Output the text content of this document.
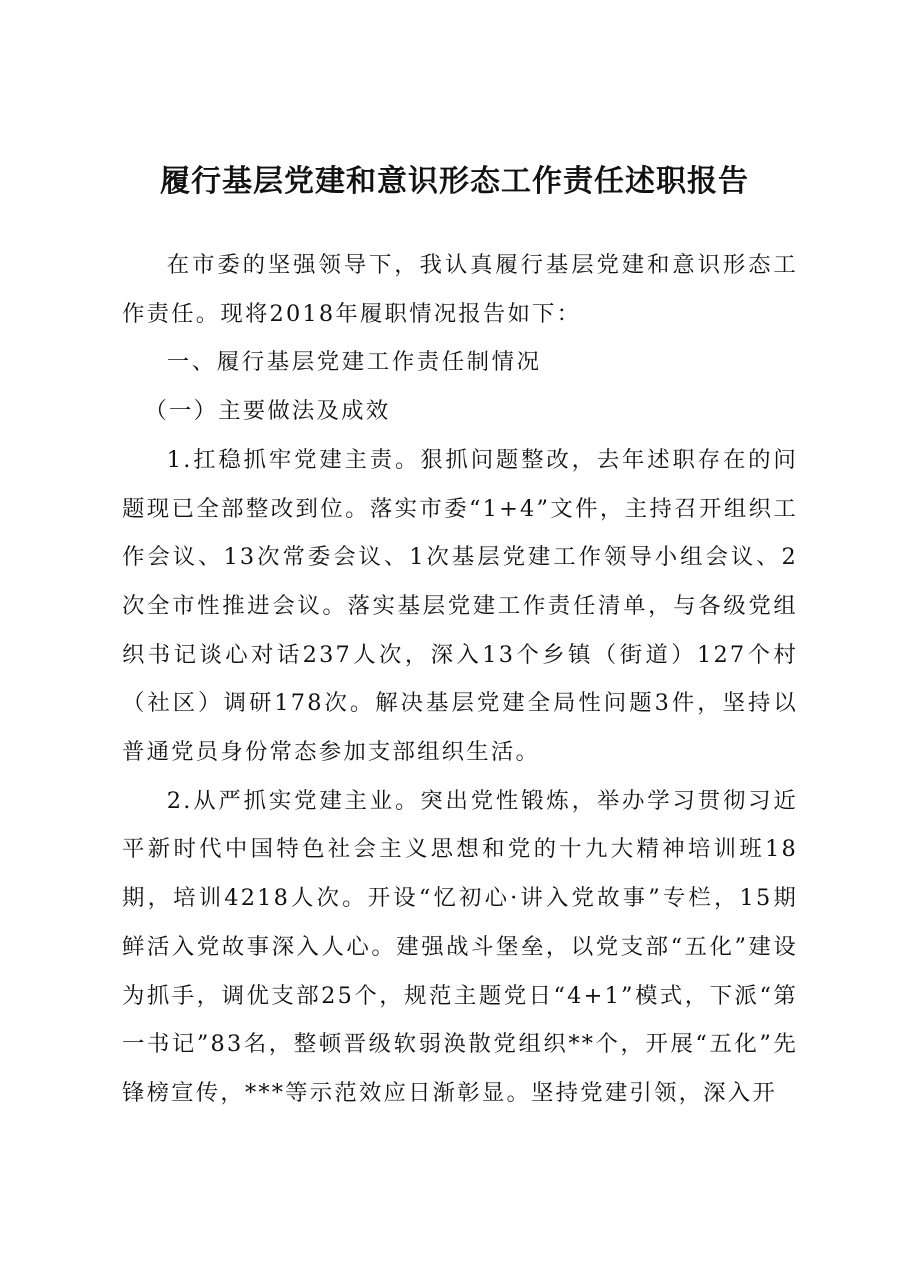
履行基层党建和意识形态工作责任述职报告

在市委的坚强领导下，我认真履行基层党建和意识形态工作责任。现将2018年履职情况报告如下：

一、履行基层党建工作责任制情况

（一）主要做法及成效

1.扛稳抓牢党建主责。狠抓问题整改，去年述职存在的问题现已全部整改到位。落实市委“1+4”文件，主持召开组织工作会议、13次常委会议、1次基层党建工作领导小组会议、2次全市性推进会议。落实基层党建工作责任清单，与各级党组织书记谈心对话237人次，深入13个乡镇（街道）127个村（社区）调研178次。解决基层党建全局性问题3件，坚持以普通党员身份常态参加支部组织生活。

2.从严抓实党建主业。突出党性锻炼，举办学习贯彻习近平新时代中国特色社会主义思想和党的十九大精神培训班18期，培训4218人次。开设“忆初心·讲入党故事”专栏，15期鲜活入党故事深入人心。建强战斗堡垒，以党支部“五化”建设为抓手，调优支部25个，规范主题党日“4+1”模式，下派“第一书记”83名，整顿晋级软弱涣散党组织**个，开展“五化”先锋榜宣传，***等示范效应日渐彰显。坚持党建引领，深入开
